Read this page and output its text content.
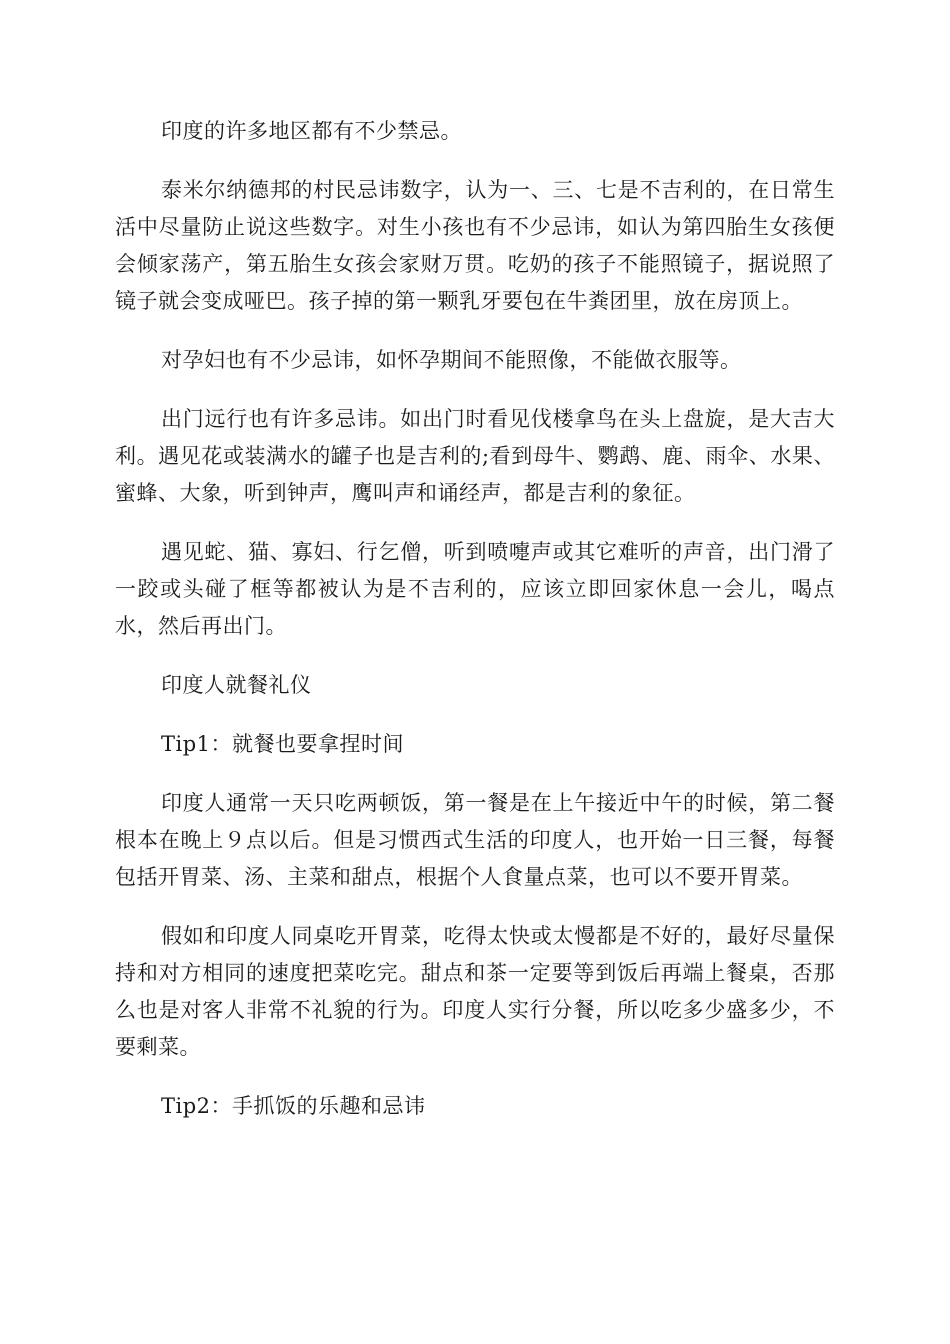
印度的许多地区都有不少禁忌。

泰米尔纳德邦的村民忌讳数字，认为一、三、七是不吉利的，在日常生活中尽量防止说这些数字。对生小孩也有不少忌讳，如认为第四胎生女孩便会倾家荡产，第五胎生女孩会家财万贯。吃奶的孩子不能照镜子，据说照了镜子就会变成哑巴。孩子掉的第一颗乳牙要包在牛粪团里，放在房顶上。

对孕妇也有不少忌讳，如怀孕期间不能照像，不能做衣服等。

出门远行也有许多忌讳。如出门时看见伐楼拿鸟在头上盘旋，是大吉大利。遇见花或装满水的罐子也是吉利的;看到母牛、鹦鹉、鹿、雨伞、水果、蜜蜂、大象，听到钟声，鹰叫声和诵经声，都是吉利的象征。

遇见蛇、猫、寡妇、行乞僧，听到喷嚏声或其它难听的声音，出门滑了一跤或头碰了框等都被认为是不吉利的，应该立即回家休息一会儿，喝点水，然后再出门。

印度人就餐礼仪

Tip1：就餐也要拿捏时间

印度人通常一天只吃两顿饭，第一餐是在上午接近中午的时候，第二餐根本在晚上９点以后。但是习惯西式生活的印度人，也开始一日三餐，每餐包括开胃菜、汤、主菜和甜点，根据个人食量点菜，也可以不要开胃菜。

假如和印度人同桌吃开胃菜，吃得太快或太慢都是不好的，最好尽量保持和对方相同的速度把菜吃完。甜点和茶一定要等到饭后再端上餐桌，否那么也是对客人非常不礼貌的行为。印度人实行分餐，所以吃多少盛多少，不要剩菜。

Tip2：手抓饭的乐趣和忌讳
